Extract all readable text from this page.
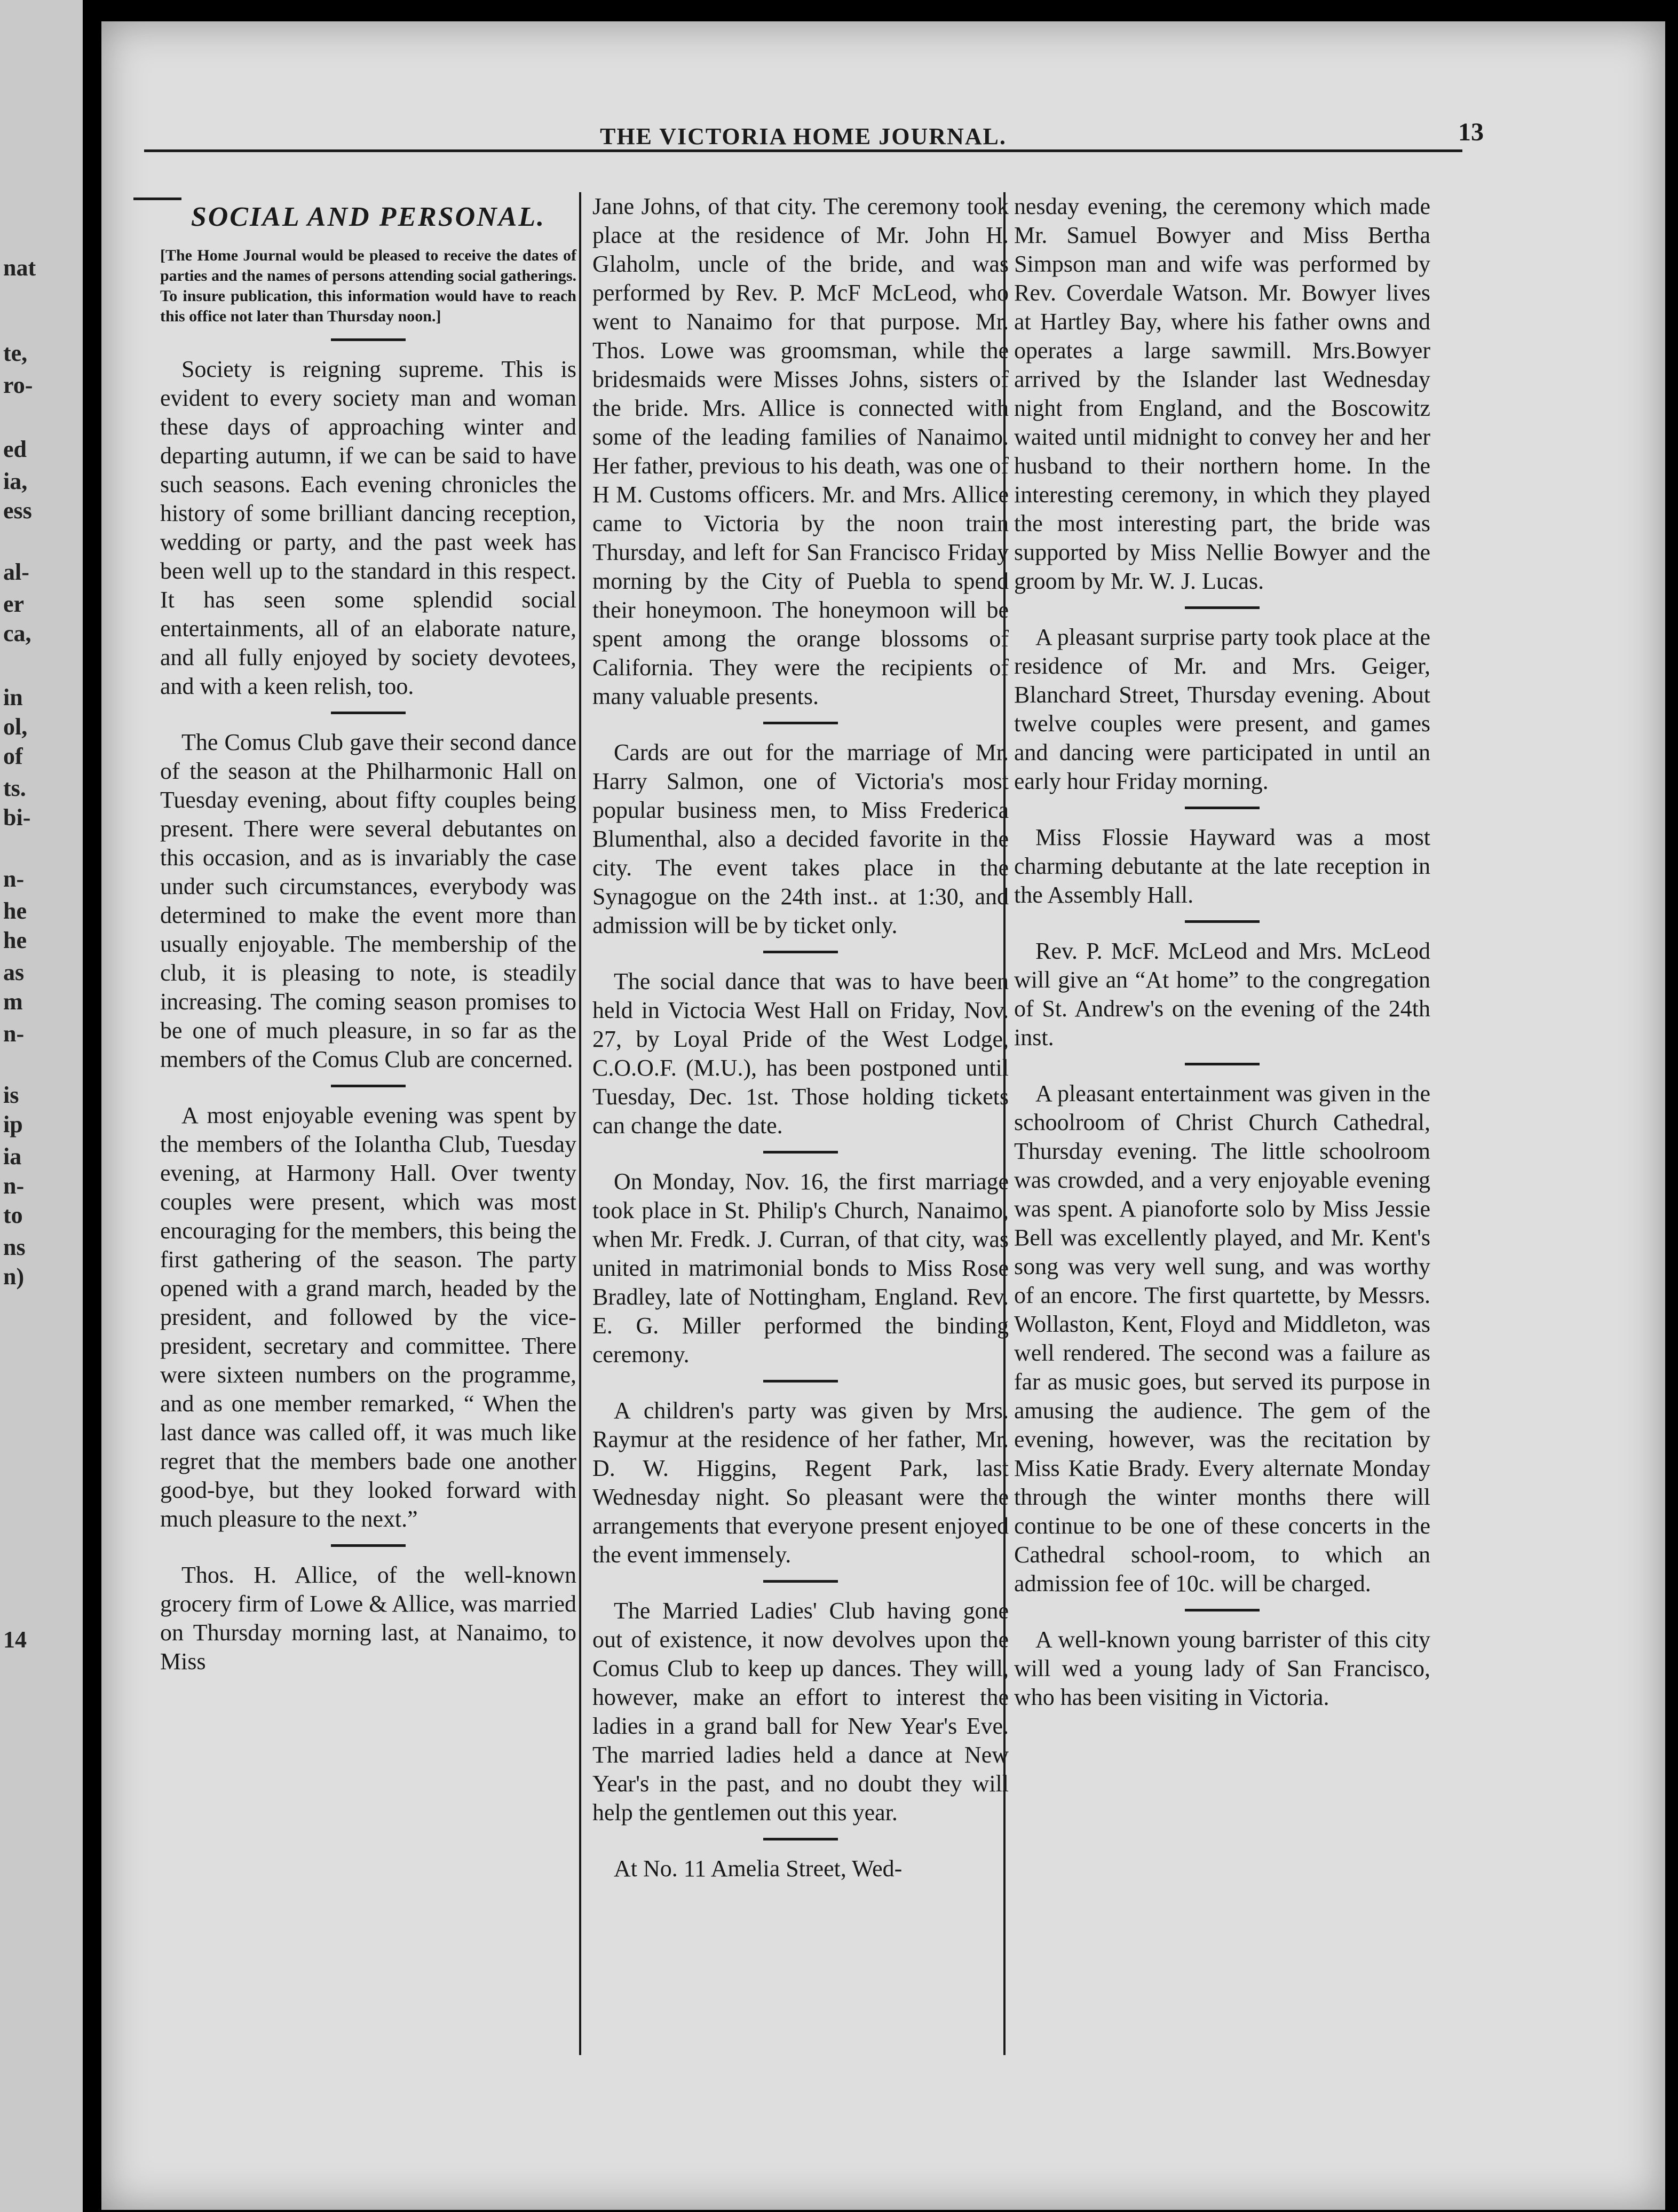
nat
te,
ro-
ed
ia,
ess
al-
er
ca,
in
ol,
of
ts.
bi-
n-
he
he
as
m
n-
is
ip
ia
n-
to
ns
n)
14
THE VICTORIA HOME JOURNAL.	13
SOCIAL AND PERSONAL.
[The Home Journal would be pleased to receive the dates of parties and the names of persons attending social gatherings. To insure publication, this information would have to reach this office not later than Thursday noon.]

Society is reigning supreme. This is evident to every society man and woman these days of approaching winter and departing autumn, if we can be said to have such seasons. Each evening chronicles the history of some brilliant dancing reception, wedding or party, and the past week has been well up to the standard in this respect. It has seen some splendid social entertainments, all of an elaborate nature, and all fully enjoyed by society devotees, and with a keen relish, too.

The Comus Club gave their second dance of the season at the Philharmonic Hall on Tuesday evening, about fifty couples being present. There were several debutantes on this occasion, and as is invariably the case under such circumstances, everybody was determined to make the event more than usually enjoyable. The membership of the club, it is pleasing to note, is steadily increasing. The coming season promises to be one of much pleasure, in so far as the members of the Comus Club are concerned.

A most enjoyable evening was spent by the members of the Iolantha Club, Tuesday evening, at Harmony Hall. Over twenty couples were present, which was most encouraging for the members, this being the first gathering of the season. The party opened with a grand march, headed by the president, and followed by the vice-president, secretary and committee. There were sixteen numbers on the programme, and as one member remarked, “ When the last dance was called off, it was much like regret that the members bade one another good-bye, but they looked forward with much pleasure to the next.”

Thos. H. Allice, of the well-known grocery firm of Lowe & Allice, was married on Thursday morning last, at Nanaimo, to Miss

Jane Johns, of that city. The ceremony took place at the residence of Mr. John H. Glaholm, uncle of the bride, and was performed by Rev. P. McF McLeod, who went to Nanaimo for that purpose. Mr. Thos. Lowe was groomsman, while the bridesmaids were Misses Johns, sisters of the bride. Mrs. Allice is connected with some of the leading families of Nanaimo. Her father, previous to his death, was one of H M. Customs officers. Mr. and Mrs. Allice came to Victoria by the noon train Thursday, and left for San Francisco Friday morning by the City of Puebla to spend their honeymoon. The honeymoon will be spent among the orange blossoms of California. They were the recipients of many valuable presents.

Cards are out for the marriage of Mr. Harry Salmon, one of Victoria's most popular business men, to Miss Frederica Blumenthal, also a decided favorite in the city. The event takes place in the Synagogue on the 24th inst.. at 1:30, and admission will be by ticket only.

The social dance that was to have been held in Victocia West Hall on Friday, Nov. 27, by Loyal Pride of the West Lodge, C.O.O.F. (M.U.), has been postponed until Tuesday, Dec. 1st. Those holding tickets can change the date.

On Monday, Nov. 16, the first marriage took place in St. Philip's Church, Nanaimo, when Mr. Fredk. J. Curran, of that city, was united in matrimonial bonds to Miss Rose Bradley, late of Nottingham, England. Rev. E. G. Miller performed the binding ceremony.

A children's party was given by Mrs. Raymur at the residence of her father, Mr. D. W. Higgins, Regent Park, last Wednesday night. So pleasant were the arrangements that everyone present enjoyed the event immensely.

The Married Ladies' Club having gone out of existence, it now devolves upon the Comus Club to keep up dances. They will, however, make an effort to interest the ladies in a grand ball for New Year's Eve. The married ladies held a dance at New Year's in the past, and no doubt they will help the gentlemen out this year.

At No. 11 Amelia Street, Wed-

nesday evening, the ceremony which made Mr. Samuel Bowyer and Miss Bertha Simpson man and wife was performed by Rev. Coverdale Watson. Mr. Bowyer lives at Hartley Bay, where his father owns and operates a large sawmill. Mrs.Bowyer arrived by the Islander last Wednesday night from England, and the Boscowitz waited until midnight to convey her and her husband to their northern home. In the interesting ceremony, in which they played the most interesting part, the bride was supported by Miss Nellie Bowyer and the groom by Mr. W. J. Lucas.

A pleasant surprise party took place at the residence of Mr. and Mrs. Geiger, Blanchard Street, Thursday evening. About twelve couples were present, and games and dancing were participated in until an early hour Friday morning.

Miss Flossie Hayward was a most charming debutante at the late reception in the Assembly Hall.

Rev. P. McF. McLeod and Mrs. McLeod will give an “At home” to the congregation of St. Andrew's on the evening of the 24th inst.

A pleasant entertainment was given in the schoolroom of Christ Church Cathedral, Thursday evening. The little schoolroom was crowded, and a very enjoyable evening was spent. A pianoforte solo by Miss Jessie Bell was excellently played, and Mr. Kent's song was very well sung, and was worthy of an encore. The first quartette, by Messrs. Wollaston, Kent, Floyd and Middleton, was well rendered. The second was a failure as far as music goes, but served its purpose in amusing the audience. The gem of the evening, however, was the recitation by Miss Katie Brady. Every alternate Monday through the winter months there will continue to be one of these concerts in the Cathedral school-room, to which an admission fee of 10c. will be charged.

A well-known young barrister of this city will wed a young lady of San Francisco, who has been visiting in Victoria.
